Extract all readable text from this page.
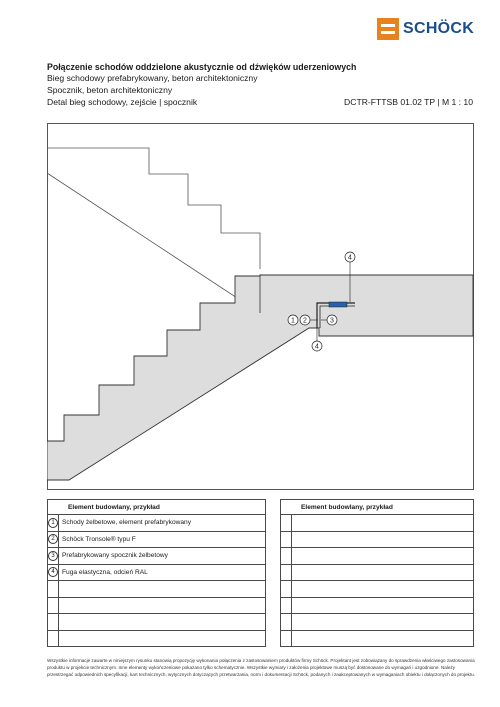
SCHÖCK
Połączenie schodów oddzielone akustycznie od dźwięków uderzeniowych
Bieg schodowy prefabrykowany, beton architektoniczny
Spocznik, beton architektoniczny
Detal bieg schodowy, zejście | spocznik	DCTR-FTTSB 01.02 TP | M 1 : 10
4
1 2	3
4
Element budowlany, przykład	
1	Schody żelbetowe, element prefabrykowany
2	Schöck Tronsole® typu F
3	Prefabrykowany spocznik żelbetowy
4	Fuga elastyczna, odcień RAL

Element budowlany, przykład	

Wszystkie informacje zawarte w niniejszym rysunku stanowią propozycję wykonania połączenia z zastosowaniem produktów firmy Schöck. Projektant jest zobowiązany do sprawdzenia właściwego zastosowania produktu w projekcie technicznym. Inne elementy wykończeniowe pokazano tylko schematycznie. Wszystkie wymiary i założenia projektowe muszą być dostosowane do wymagań i uzgodnione. Należy przestrzegać odpowiednich specyfikacji, kart technicznych, wytycznych dotyczących przetwarzania, norm i dokumentacji Schöck, podanych i zaakceptowanych w wymaganiach obiektu i dołączonych do projektu.
